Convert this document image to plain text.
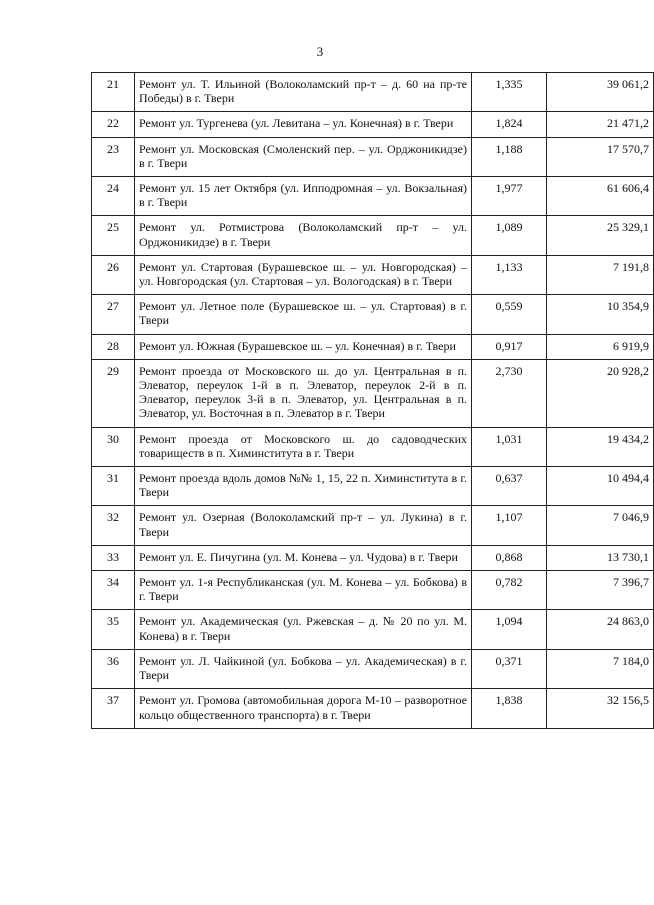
3
21	Ремонт ул. Т. Ильиной (Волоколамский пр-т – д. 60 на пр-те Победы) в г. Твери	1,335	39 061,2
22	Ремонт ул. Тургенева (ул. Левитана – ул. Конечная) в г. Твери	1,824	21 471,2
23	Ремонт ул. Московская (Смоленский пер. – ул. Орджоникидзе) в г. Твери	1,188	17 570,7
24	Ремонт ул. 15 лет Октября (ул. Ипподромная – ул. Вокзальная) в г. Твери	1,977	61 606,4
25	Ремонт ул. Ротмистрова (Волоколамский пр-т – ул. Орджоникидзе) в г. Твери	1,089	25 329,1
26	Ремонт ул. Стартовая (Бурашевское ш. – ул. Новгородская) – ул. Новгородская (ул. Стартовая – ул. Вологодская) в г. Твери	1,133	7 191,8
27	Ремонт ул. Летное поле (Бурашевское ш. – ул. Стартовая) в г. Твери	0,559	10 354,9
28	Ремонт ул. Южная (Бурашевское ш. – ул. Конечная) в г. Твери	0,917	6 919,9
29	Ремонт проезда от Московского ш. до ул. Центральная в п. Элеватор, переулок 1-й в п. Элеватор, переулок 2-й в п. Элеватор, переулок 3-й в п. Элеватор, ул. Центральная в п. Элеватор, ул. Восточная в п. Элеватор в г. Твери	2,730	20 928,2
30	Ремонт проезда от Московского ш. до садоводческих товариществ в п. Химинститута в г. Твери	1,031	19 434,2
31	Ремонт проезда вдоль домов №№ 1, 15, 22 п. Химинститута в г. Твери	0,637	10 494,4
32	Ремонт ул. Озерная (Волоколамский пр-т – ул. Лукина) в г. Твери	1,107	7 046,9
33	Ремонт ул. Е. Пичугина (ул. М. Конева – ул. Чудова) в г. Твери	0,868	13 730,1
34	Ремонт ул. 1-я Республиканская (ул. М. Конева – ул. Бобкова) в г. Твери	0,782	7 396,7
35	Ремонт ул. Академическая (ул. Ржевская – д. № 20 по ул. М. Конева) в г. Твери	1,094	24 863,0
36	Ремонт ул. Л. Чайкиной (ул. Бобкова – ул. Академическая) в г. Твери	0,371	7 184,0
37	Ремонт ул. Громова (автомобильная дорога М-10 – разворотное кольцо общественного транспорта) в г. Твери	1,838	32 156,5
